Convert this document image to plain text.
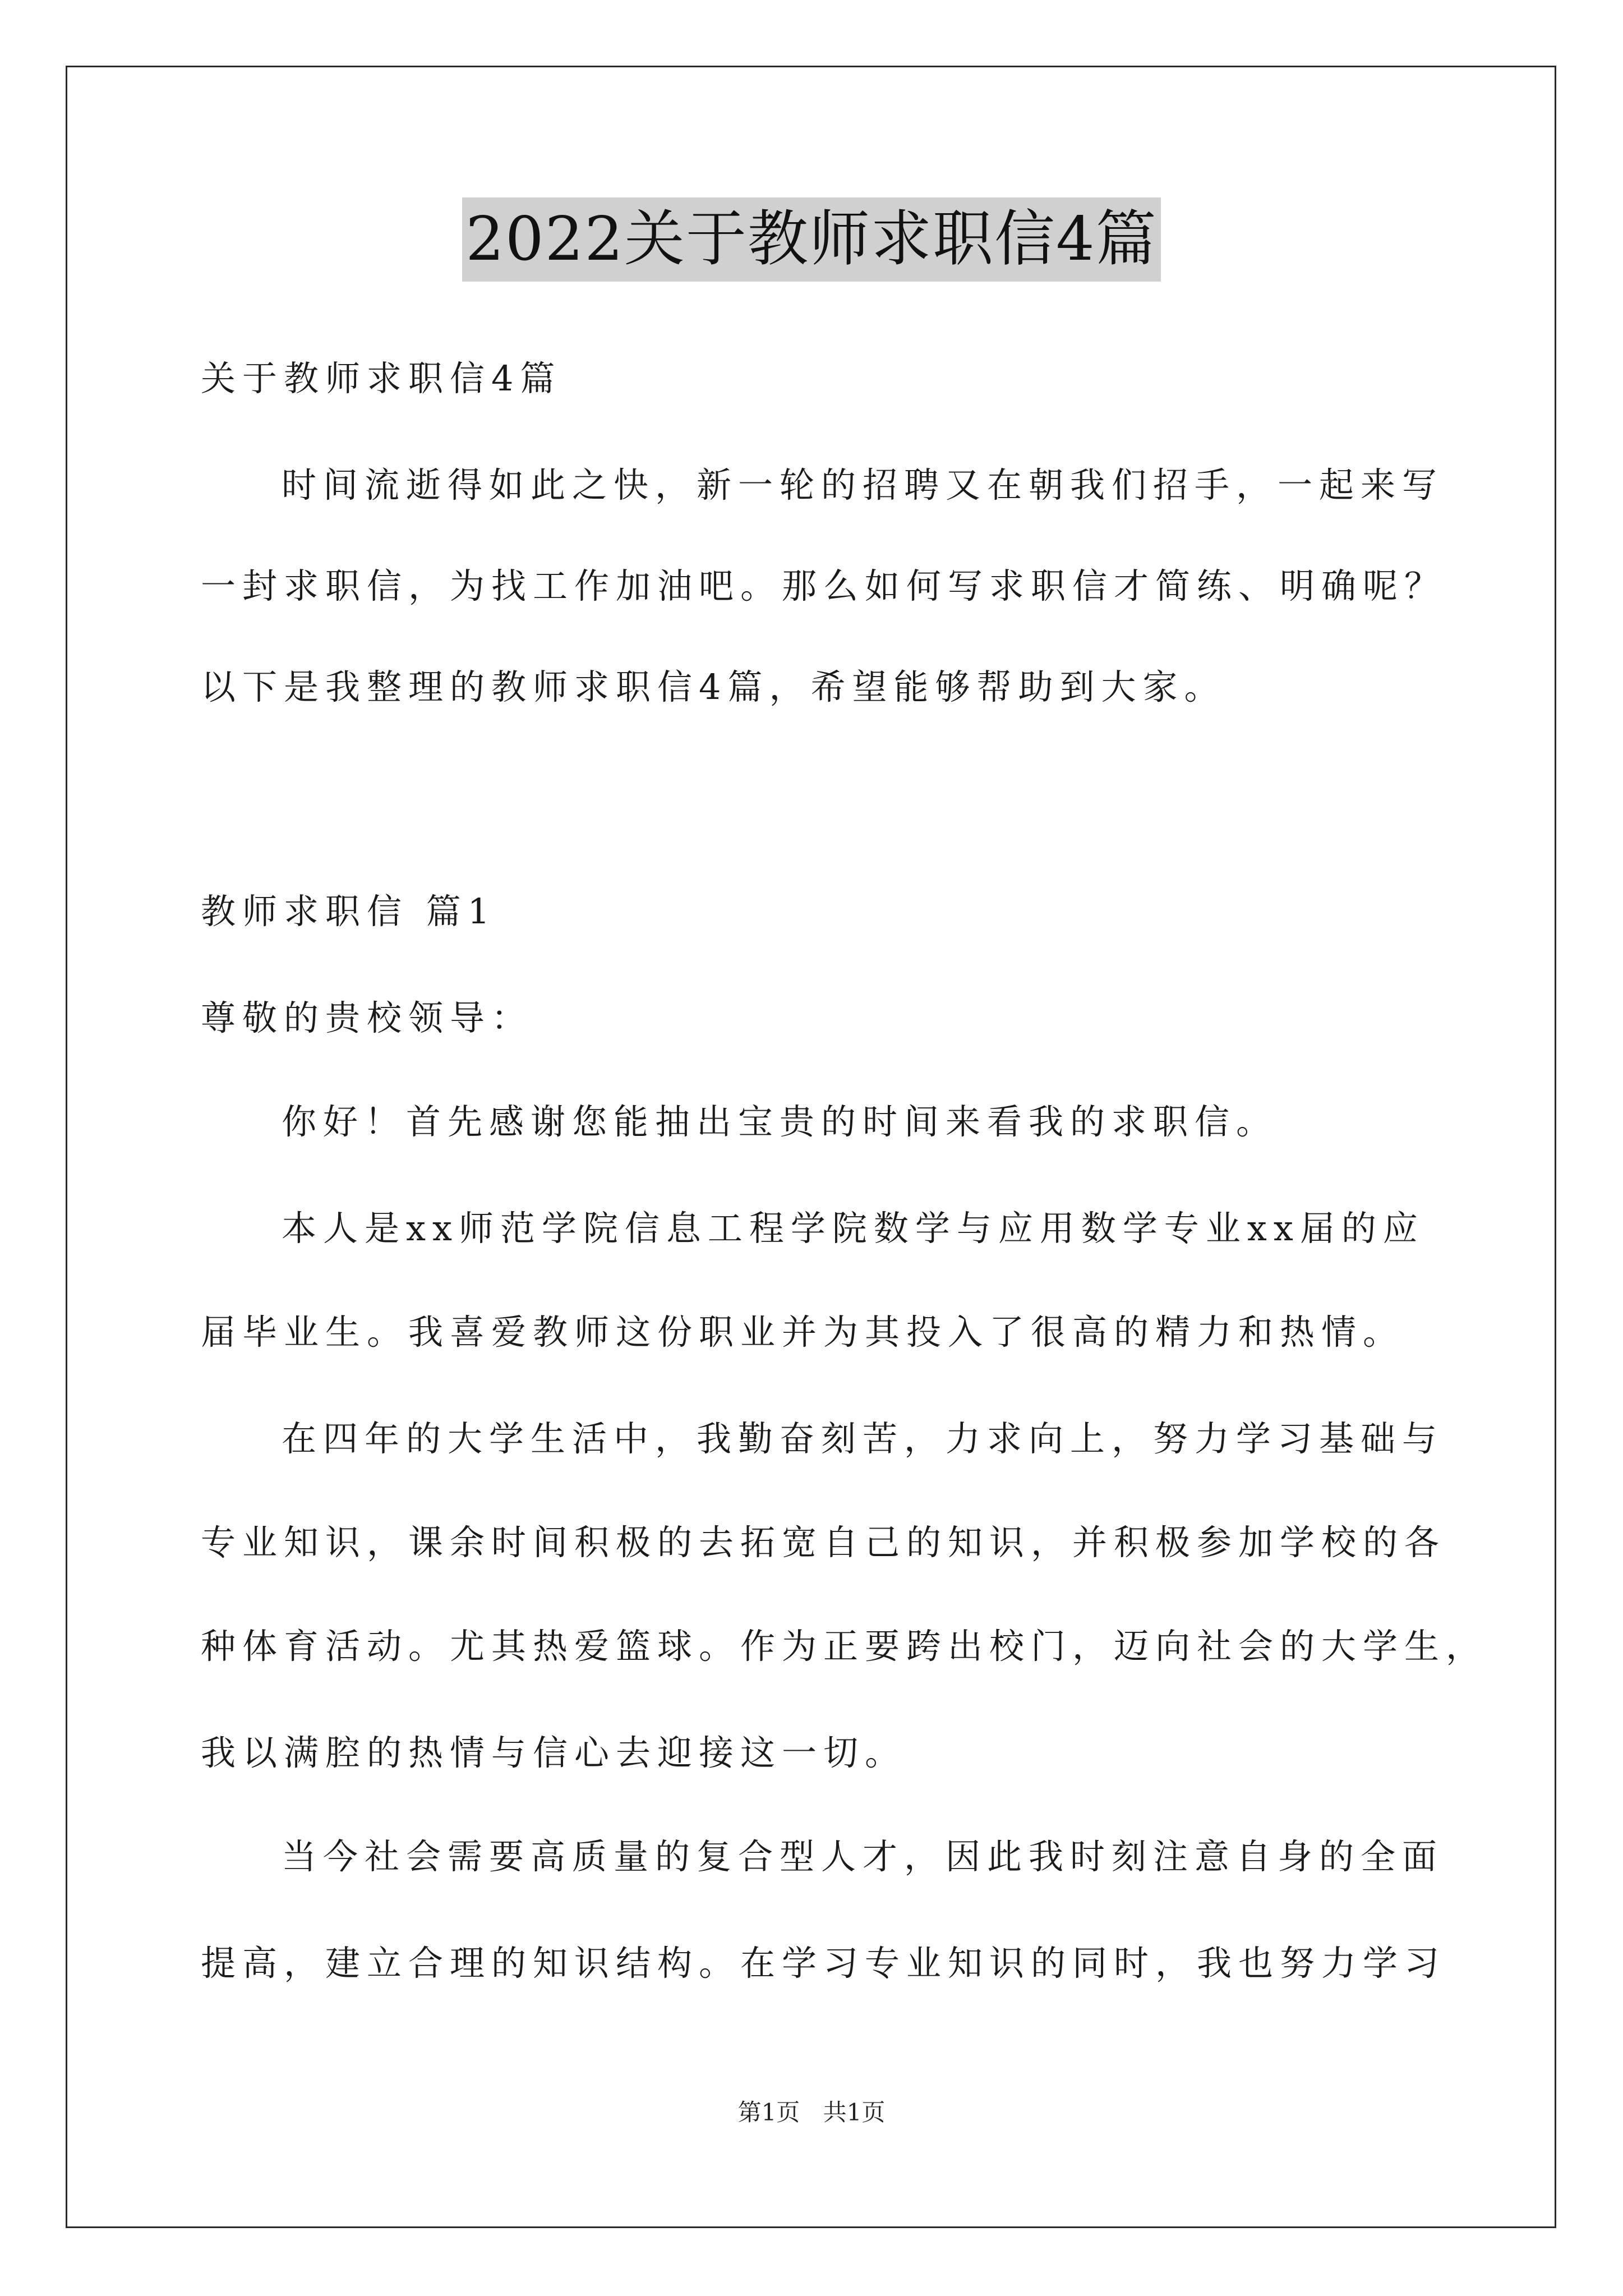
2022关于教师求职信4篇
关于教师求职信4篇
时间流逝得如此之快，新一轮的招聘又在朝我们招手，一起来写
一封求职信，为找工作加油吧。那么如何写求职信才简练、明确呢？
以下是我整理的教师求职信4篇，希望能够帮助到大家。
教师求职信 篇1
尊敬的贵校领导：
你好！首先感谢您能抽出宝贵的时间来看我的求职信。
本人是xx师范学院信息工程学院数学与应用数学专业xx届的应
届毕业生。我喜爱教师这份职业并为其投入了很高的精力和热情。
在四年的大学生活中，我勤奋刻苦，力求向上，努力学习基础与
专业知识，课余时间积极的去拓宽自己的知识，并积极参加学校的各
种体育活动。尤其热爱篮球。作为正要跨出校门，迈向社会的大学生，
我以满腔的热情与信心去迎接这一切。
当今社会需要高质量的复合型人才，因此我时刻注意自身的全面
提高，建立合理的知识结构。在学习专业知识的同时，我也努力学习
第1页 共1页
